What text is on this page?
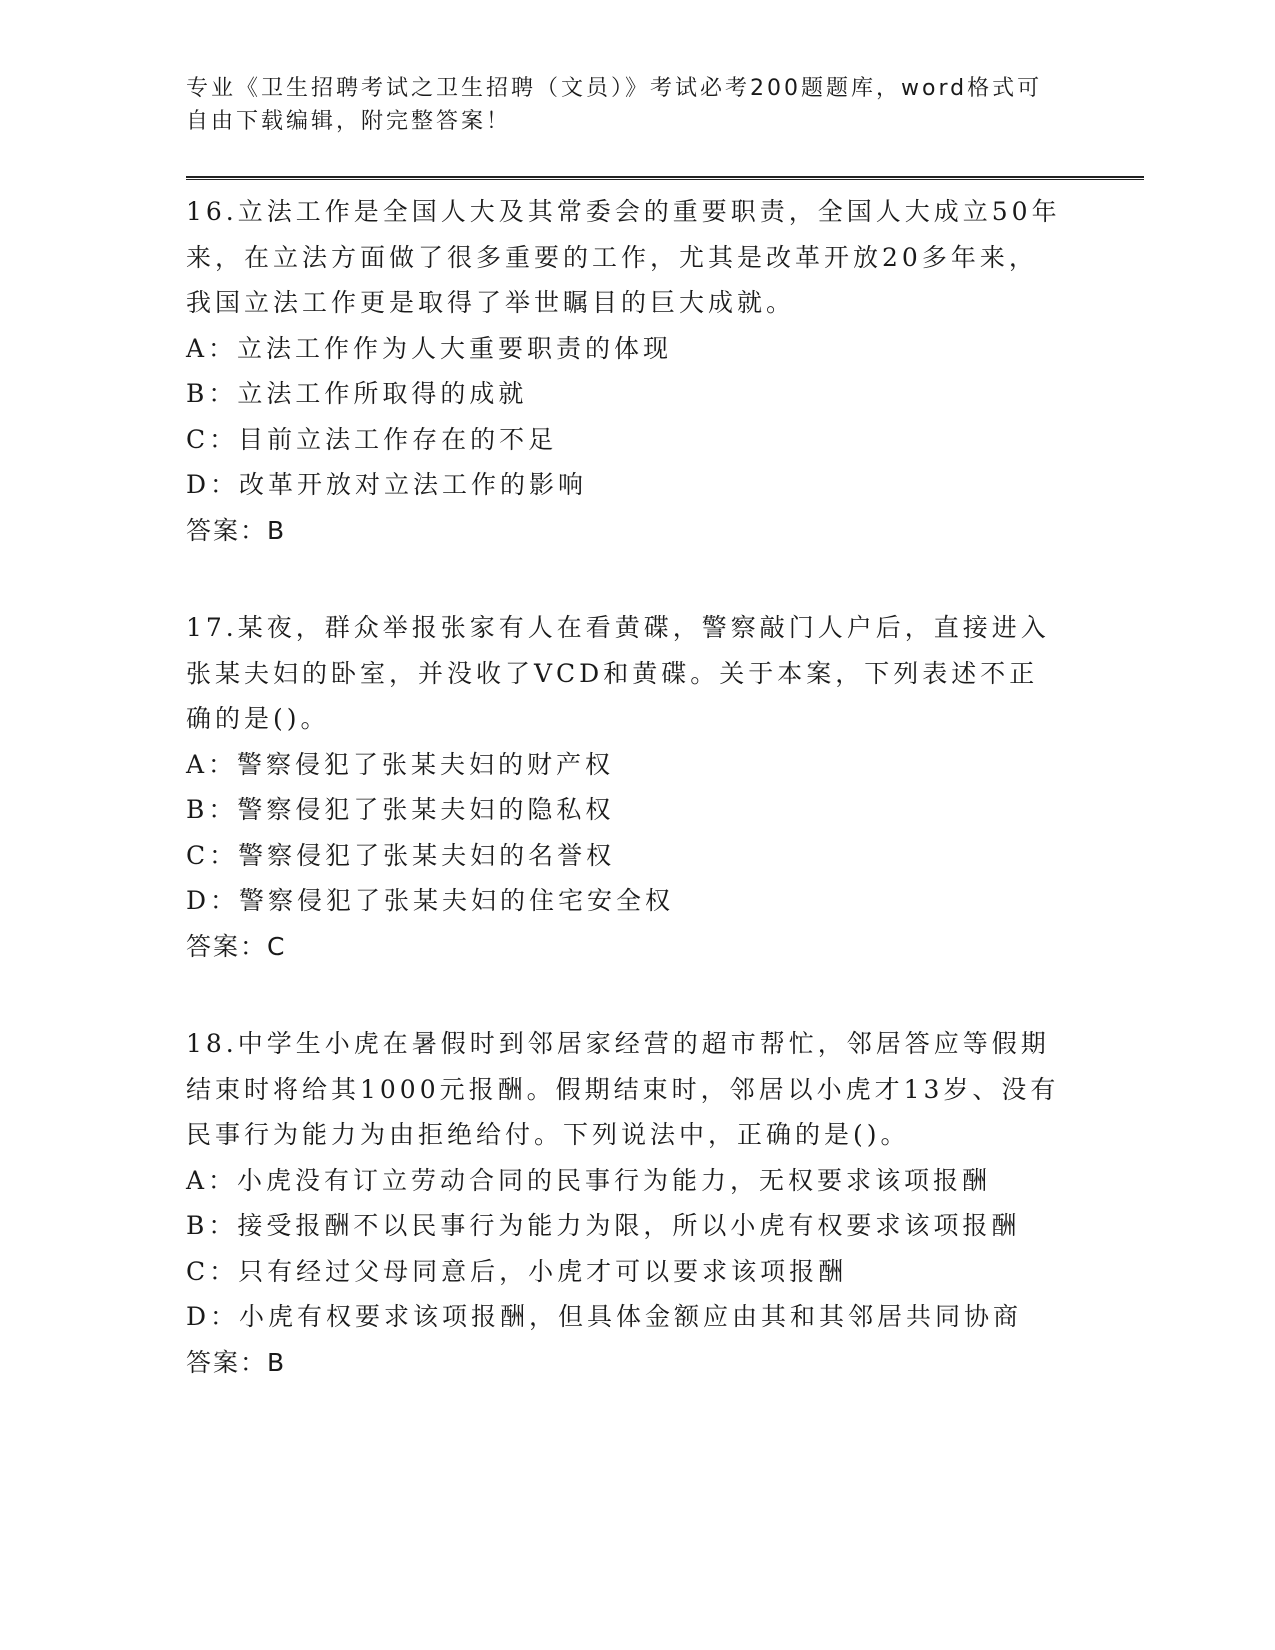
专业《卫生招聘考试之卫生招聘（文员）》考试必考200题题库，word格式可自由下载编辑，附完整答案！

16.立法工作是全国人大及其常委会的重要职责，全国人大成立50年来，在立法方面做了很多重要的工作，尤其是改革开放20多年来，我国立法工作更是取得了举世瞩目的巨大成就。

A：立法工作作为人大重要职责的体现

B：立法工作所取得的成就

C：目前立法工作存在的不足

D：改革开放对立法工作的影响

答案：B

17.某夜，群众举报张家有人在看黄碟，警察敲门人户后，直接进入张某夫妇的卧室，并没收了VCD和黄碟。关于本案，下列表述不正确的是()。

A：警察侵犯了张某夫妇的财产权

B：警察侵犯了张某夫妇的隐私权

C：警察侵犯了张某夫妇的名誉权

D：警察侵犯了张某夫妇的住宅安全权

答案：C

18.中学生小虎在暑假时到邻居家经营的超市帮忙，邻居答应等假期结束时将给其1000元报酬。假期结束时，邻居以小虎才13岁、没有民事行为能力为由拒绝给付。下列说法中，正确的是()。

A：小虎没有订立劳动合同的民事行为能力，无权要求该项报酬

B：接受报酬不以民事行为能力为限，所以小虎有权要求该项报酬

C：只有经过父母同意后，小虎才可以要求该项报酬

D：小虎有权要求该项报酬，但具体金额应由其和其邻居共同协商

答案：B
